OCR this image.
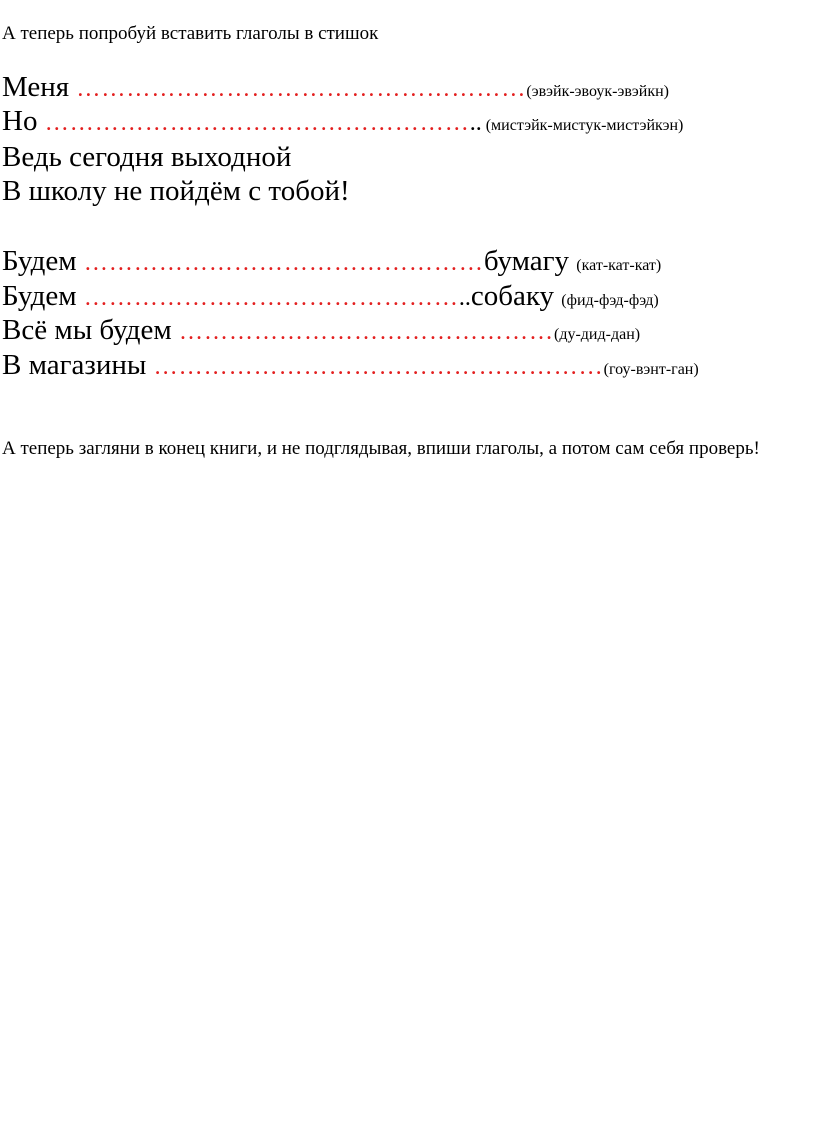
А теперь попробуй вставить глаголы в стишок
Меня ………………………………………………(эвэйк-эвоук-эвэйкн)
Но …………………………………………….. (мистэйк-мистук-мистэйкэн)
Ведь сегодня выходной
В школу не пойдём с тобой!
Будем …………………………………………бумагу (кат-кат-кат)
Будем ………………………………………..собаку (фид-фэд-фэд)
Всё мы будем ………………………………………(ду-дид-дан)
В магазины ………………………………………………(гоу-вэнт-ган)
А теперь загляни в конец книги, и не подглядывая, впиши глаголы, а потом сам себя проверь!
